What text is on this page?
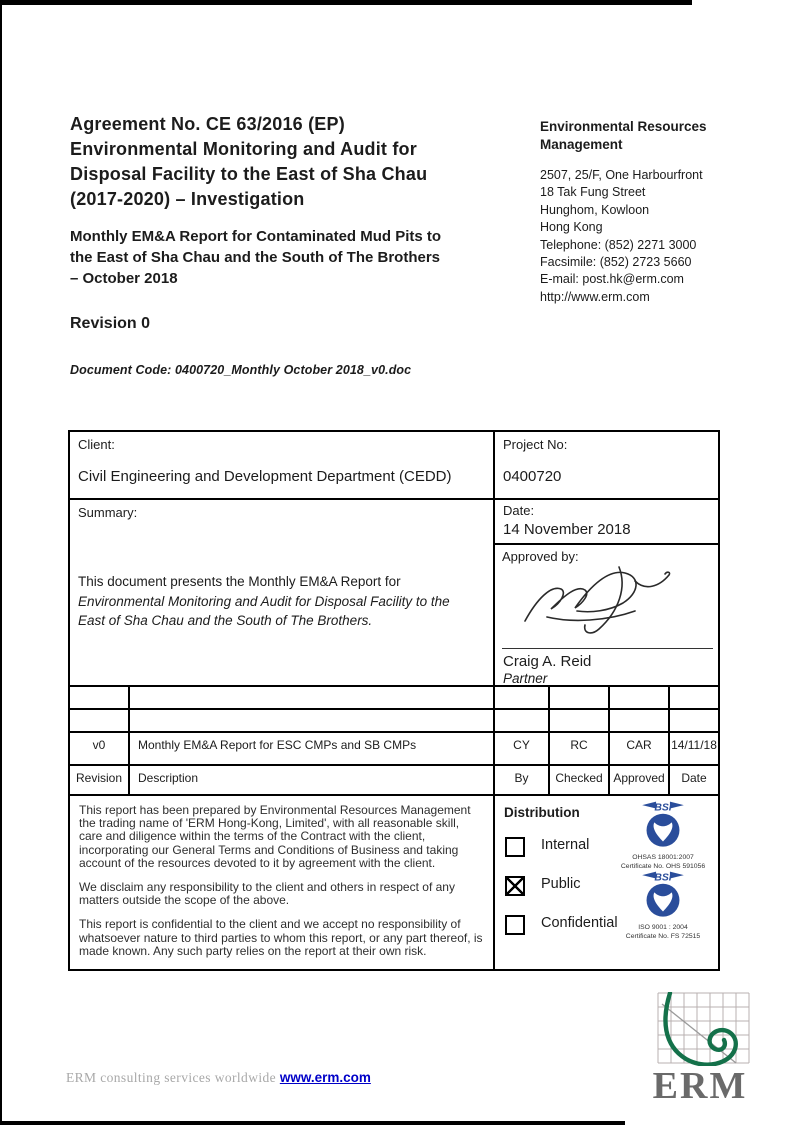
Agreement No. CE 63/2016 (EP)
Environmental Monitoring and Audit for
Disposal Facility to the East of Sha Chau
(2017-2020) – Investigation
Monthly EM&A Report for Contaminated Mud Pits to
the East of Sha Chau and the South of The Brothers
– October 2018
Revision 0
Document Code: 0400720_Monthly October 2018_v0.doc
Environmental Resources
Management
2507, 25/F, One Harbourfront
18 Tak Fung Street
Hunghom, Kowloon
Hong Kong
Telephone: (852) 2271 3000
Facsimile: (852) 2723 5660
E-mail: post.hk@erm.com
http://www.erm.com
Client:
Civil Engineering and Development Department (CEDD)

Project No:
0400720

Summary:
This document presents the Monthly EM&A Report for Environmental Monitoring and Audit for Disposal Facility to the East of Sha Chau and the South of The Brothers.

Date:
14 November 2018

		Approved by:
Craig A. Reid
Partner			

v0	Monthly EM&A Report for ESC CMPs and SB CMPs	CY	RC	CAR	14/11/18
Revision	Description	By	Checked	Approved	Date

This report has been prepared by Environmental Resources Management the trading name of 'ERM Hong-Kong, Limited', with all reasonable skill, care and diligence within the terms of the Contract with the client, incorporating our General Terms and Conditions of Business and taking account of the resources devoted to it by agreement with the client.

We disclaim any responsibility to the client and others in respect of any matters outside the scope of the above.

This report is confidential to the client and we accept no responsibility of whatsoever nature to third parties to whom this report, or any part thereof, is made known. Any such party relies on the report at their own risk.

Distribution
Internal
Public
Confidential
BSI
OHSAS 18001:2007
Certificate No. OHS 591056
BSI
ISO 9001 : 2004
Certificate No. FS 72515
ERM
ERM consulting services worldwide www.erm.com
